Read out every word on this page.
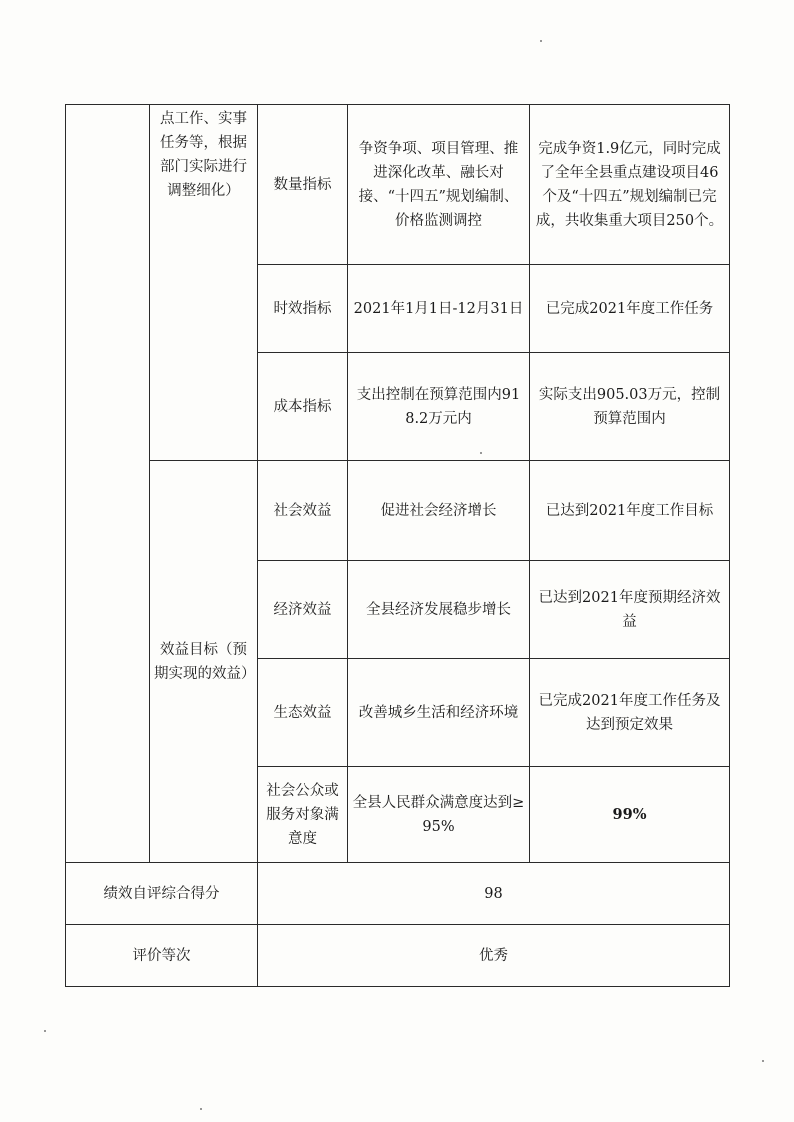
	点工作、实事任务等，根据部门实际进行调整细化）	数量指标	争资争项、项目管理、推进深化改革、融长对接、“十四五”规划编制、价格监测调控	完成争资1.9亿元，同时完成了全年全县重点建设项目46个及“十四五”规划编制已完成，共收集重大项目250个。
		时效指标	2021年1月1日-12月31日	已完成2021年度工作任务
		成本指标	支出控制在预算范围内918.2万元内	实际支出905.03万元，控制预算范围内
	效益目标（预期实现的效益）	社会效益	促进社会经济增长	已达到2021年度工作目标
		经济效益	全县经济发展稳步增长	已达到2021年度预期经济效益
		生态效益	改善城乡生活和经济环境	已完成2021年度工作任务及达到预定效果
		社会公众或服务对象满意度	全县人民群众满意度达到≥95%	99%
绩效自评综合得分		98		
评价等次		优秀		
